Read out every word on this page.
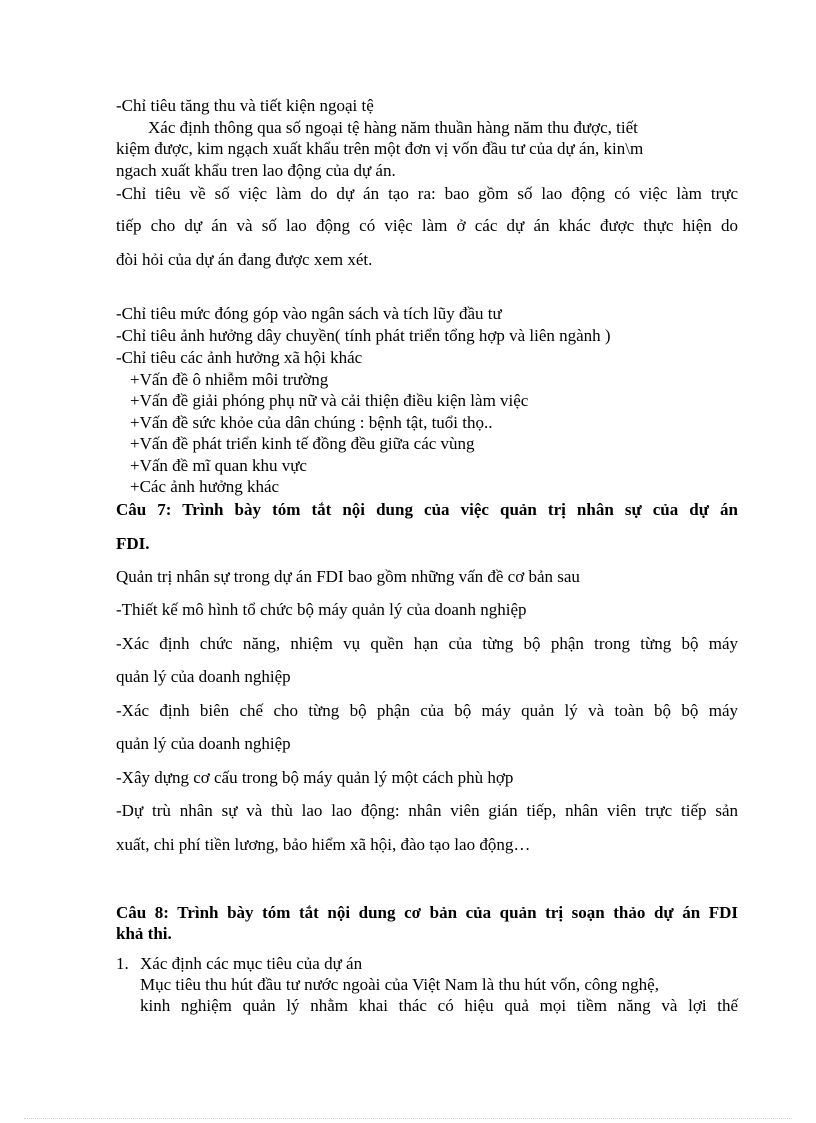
-Chỉ tiêu tăng thu và tiết kiện ngoại tệ
Xác định thông qua số ngoại tệ hàng năm thuần hàng năm thu được, tiết
kiệm được, kim ngạch xuất khẩu trên một đơn vị vốn đầu tư của dự án, kin\m
ngach xuất khẩu tren lao động của dự án.
-Chỉ tiêu về số việc làm do dự án tạo ra: bao gồm số lao động có việc làm trực
tiếp cho dự án và số lao động có việc làm ở các dự án khác được thực hiện do
đòi hỏi của dự án đang được xem xét.
-Chỉ tiêu mức đóng góp vào ngân sách và tích lũy đầu tư
-Chỉ tiêu ảnh hưởng dây chuyền( tính phát triển tổng hợp và liên ngành )
-Chỉ tiêu các ảnh hưởng xã hội khác
+Vấn đề ô nhiễm môi trường
+Vấn đề giải phóng phụ nữ và cải thiện điều kiện làm việc
+Vấn đề sức khỏe của dân chúng : bệnh tật, tuổi thọ..
+Vấn đề phát triển kinh tế đồng đều giữa các vùng
+Vấn đề mĩ quan khu vực
+Các ảnh hưởng khác
Câu 7: Trình bày tóm tắt nội dung của việc quản trị nhân sự của dự án
FDI.
Quản trị nhân sự trong dự án FDI bao gồm những vấn đề cơ bản sau
-Thiết kế mô hình tổ chức bộ máy quản lý của doanh nghiệp
-Xác định chức năng, nhiệm vụ quền hạn của từng bộ phận trong từng bộ máy
quản lý của doanh nghiệp
-Xác định biên chế cho từng bộ phận của bộ máy quản lý và toàn bộ bộ máy
quản lý của doanh nghiệp
-Xây dựng cơ cấu trong bộ máy quản lý một cách phù hợp
-Dự trù nhân sự và thù lao lao động: nhân viên gián tiếp, nhân viên trực tiếp sản
xuất, chi phí tiền lương, bảo hiểm xã hội, đào tạo lao động…
Câu 8: Trình bày tóm tắt nội dung cơ bản của quản trị soạn thảo dự án FDI
khả thi.
1. Xác định các mục tiêu của dự án
Mục tiêu thu hút đầu tư nước ngoài của Việt Nam là thu hút vốn, công nghệ,
kinh nghiệm quản lý nhằm khai thác có hiệu quả mọi tiềm năng và lợi thế
